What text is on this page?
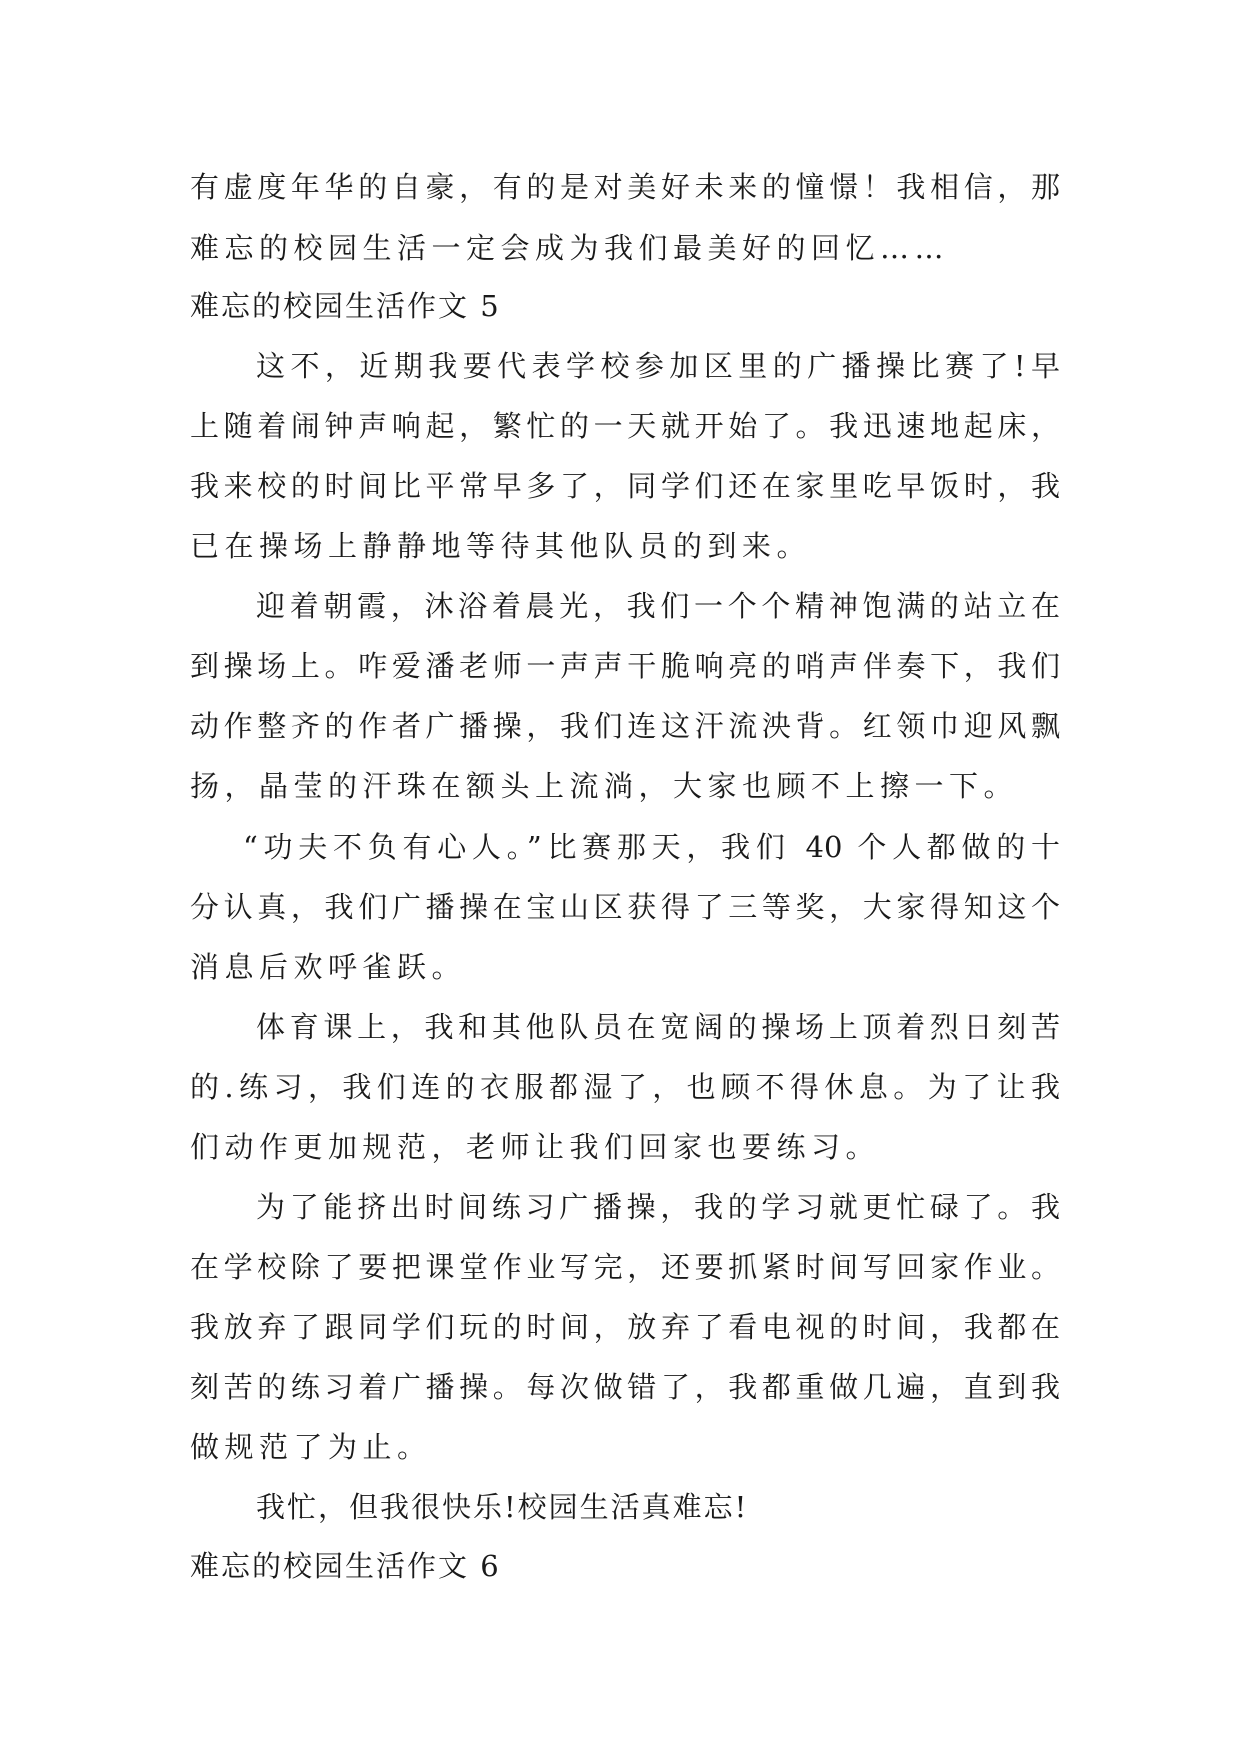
有虚度年华的自豪，有的是对美好未来的憧憬！我相信，那
难忘的校园生活一定会成为我们最美好的回忆……
难忘的校园生活作文 5
这不，近期我要代表学校参加区里的广播操比赛了!早
上随着闹钟声响起，繁忙的一天就开始了。我迅速地起床，
我来校的时间比平常早多了，同学们还在家里吃早饭时，我
已在操场上静静地等待其他队员的到来。
迎着朝霞，沐浴着晨光，我们一个个精神饱满的站立在
到操场上。咋爱潘老师一声声干脆响亮的哨声伴奏下，我们
动作整齐的作者广播操，我们连这汗流泱背。红领巾迎风飘
扬，晶莹的汗珠在额头上流淌，大家也顾不上擦一下。
“功夫不负有心人。”比赛那天，我们 40 个人都做的十
分认真，我们广播操在宝山区获得了三等奖，大家得知这个
消息后欢呼雀跃。
体育课上，我和其他队员在宽阔的操场上顶着烈日刻苦
的.练习，我们连的衣服都湿了，也顾不得休息。为了让我
们动作更加规范，老师让我们回家也要练习。
为了能挤出时间练习广播操，我的学习就更忙碌了。我
在学校除了要把课堂作业写完，还要抓紧时间写回家作业。
我放弃了跟同学们玩的时间，放弃了看电视的时间，我都在
刻苦的练习着广播操。每次做错了，我都重做几遍，直到我
做规范了为止。
我忙，但我很快乐!校园生活真难忘!
难忘的校园生活作文 6
